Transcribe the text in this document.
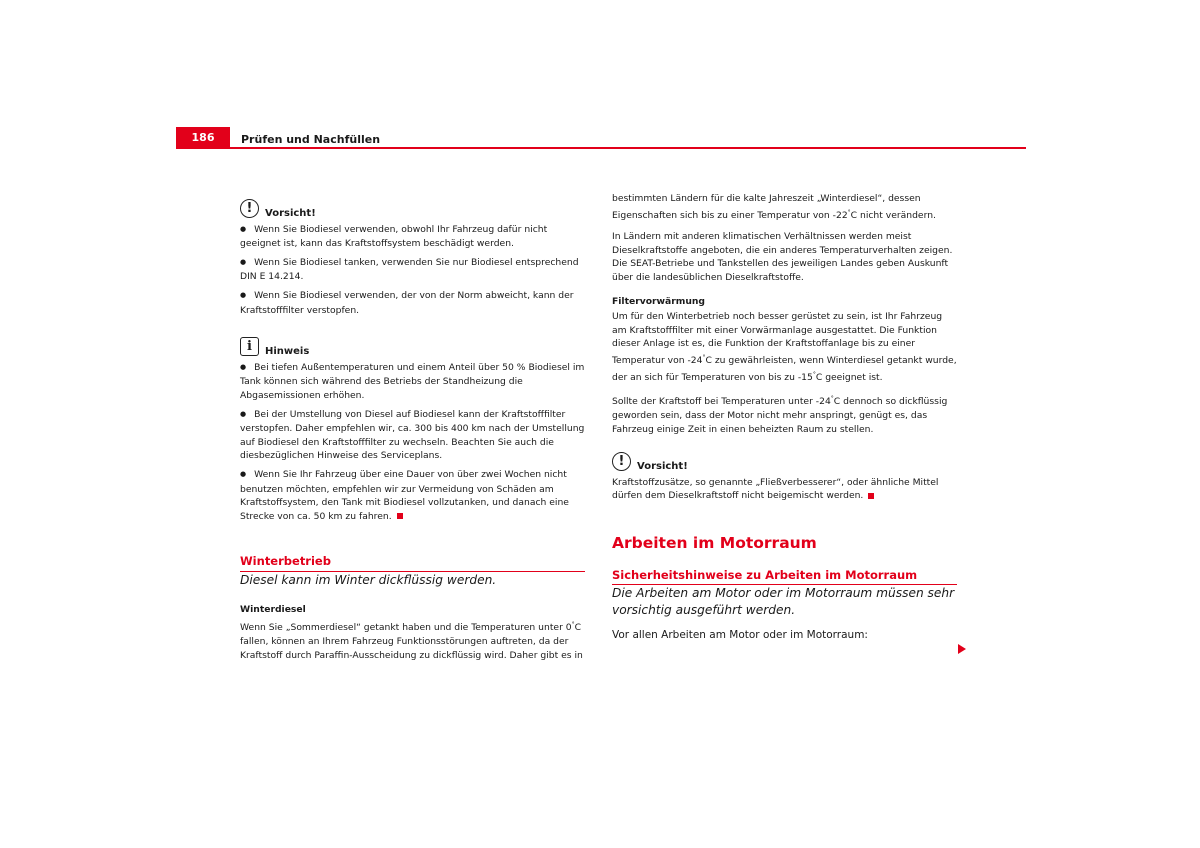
186	Prüfen und Nachfüllen
!	Vorsicht!

● Wenn Sie Biodiesel verwenden, obwohl Ihr Fahrzeug dafür nicht geeignet ist, kann das Kraftstoffsystem beschädigt werden.

● Wenn Sie Biodiesel tanken, verwenden Sie nur Biodiesel entsprechend DIN E 14.214.

● Wenn Sie Biodiesel verwenden, der von der Norm abweicht, kann der Kraftstofffilter verstopfen.

i	Hinweis

● Bei tiefen Außentemperaturen und einem Anteil über 50 % Biodiesel im Tank können sich während des Betriebs der Standheizung die Abgasemissionen erhöhen.

● Bei der Umstellung von Diesel auf Biodiesel kann der Kraftstofffilter verstopfen. Daher empfehlen wir, ca. 300 bis 400 km nach der Umstellung auf Biodiesel den Kraftstofffilter zu wechseln. Beachten Sie auch die diesbezüglichen Hinweise des Serviceplans.

● Wenn Sie Ihr Fahrzeug über eine Dauer von über zwei Wochen nicht benutzen möchten, empfehlen wir zur Vermeidung von Schäden am Kraftstoffsystem, den Tank mit Biodiesel vollzutanken, und danach eine Strecke von ca. 50 km zu fahren.

Winterbetrieb

Diesel kann im Winter dickflüssig werden.

Winterdiesel

Wenn Sie „Sommerdiesel“ getankt haben und die Temperaturen unter 0°C fallen, können an Ihrem Fahrzeug Funktionsstörungen auftreten, da der Kraftstoff durch Paraffin-Ausscheidung zu dickflüssig wird. Daher gibt es in

bestimmten Ländern für die kalte Jahreszeit „Winterdiesel“, dessen Eigenschaften sich bis zu einer Temperatur von -22°C nicht verändern.

In Ländern mit anderen klimatischen Verhältnissen werden meist Dieselkraftstoffe angeboten, die ein anderes Temperaturverhalten zeigen. Die SEAT-Betriebe und Tankstellen des jeweiligen Landes geben Auskunft über die landesüblichen Dieselkraftstoffe.

Filtervorwärmung

Um für den Winterbetrieb noch besser gerüstet zu sein, ist Ihr Fahrzeug am Kraftstofffilter mit einer Vorwärmanlage ausgestattet. Die Funktion dieser Anlage ist es, die Funktion der Kraftstoffanlage bis zu einer Temperatur von -24°C zu gewährleisten, wenn Winterdiesel getankt wurde, der an sich für Temperaturen von bis zu -15°C geeignet ist.

Sollte der Kraftstoff bei Temperaturen unter -24°C dennoch so dickflüssig geworden sein, dass der Motor nicht mehr anspringt, genügt es, das Fahrzeug einige Zeit in einen beheizten Raum zu stellen.

!	Vorsicht!

Kraftstoffzusätze, so genannte „Fließverbesserer“, oder ähnliche Mittel dürfen dem Dieselkraftstoff nicht beigemischt werden.

Arbeiten im Motorraum
Sicherheitshinweise zu Arbeiten im Motorraum

Die Arbeiten am Motor oder im Motorraum müssen sehr vorsichtig ausgeführt werden.

Vor allen Arbeiten am Motor oder im Motorraum:
